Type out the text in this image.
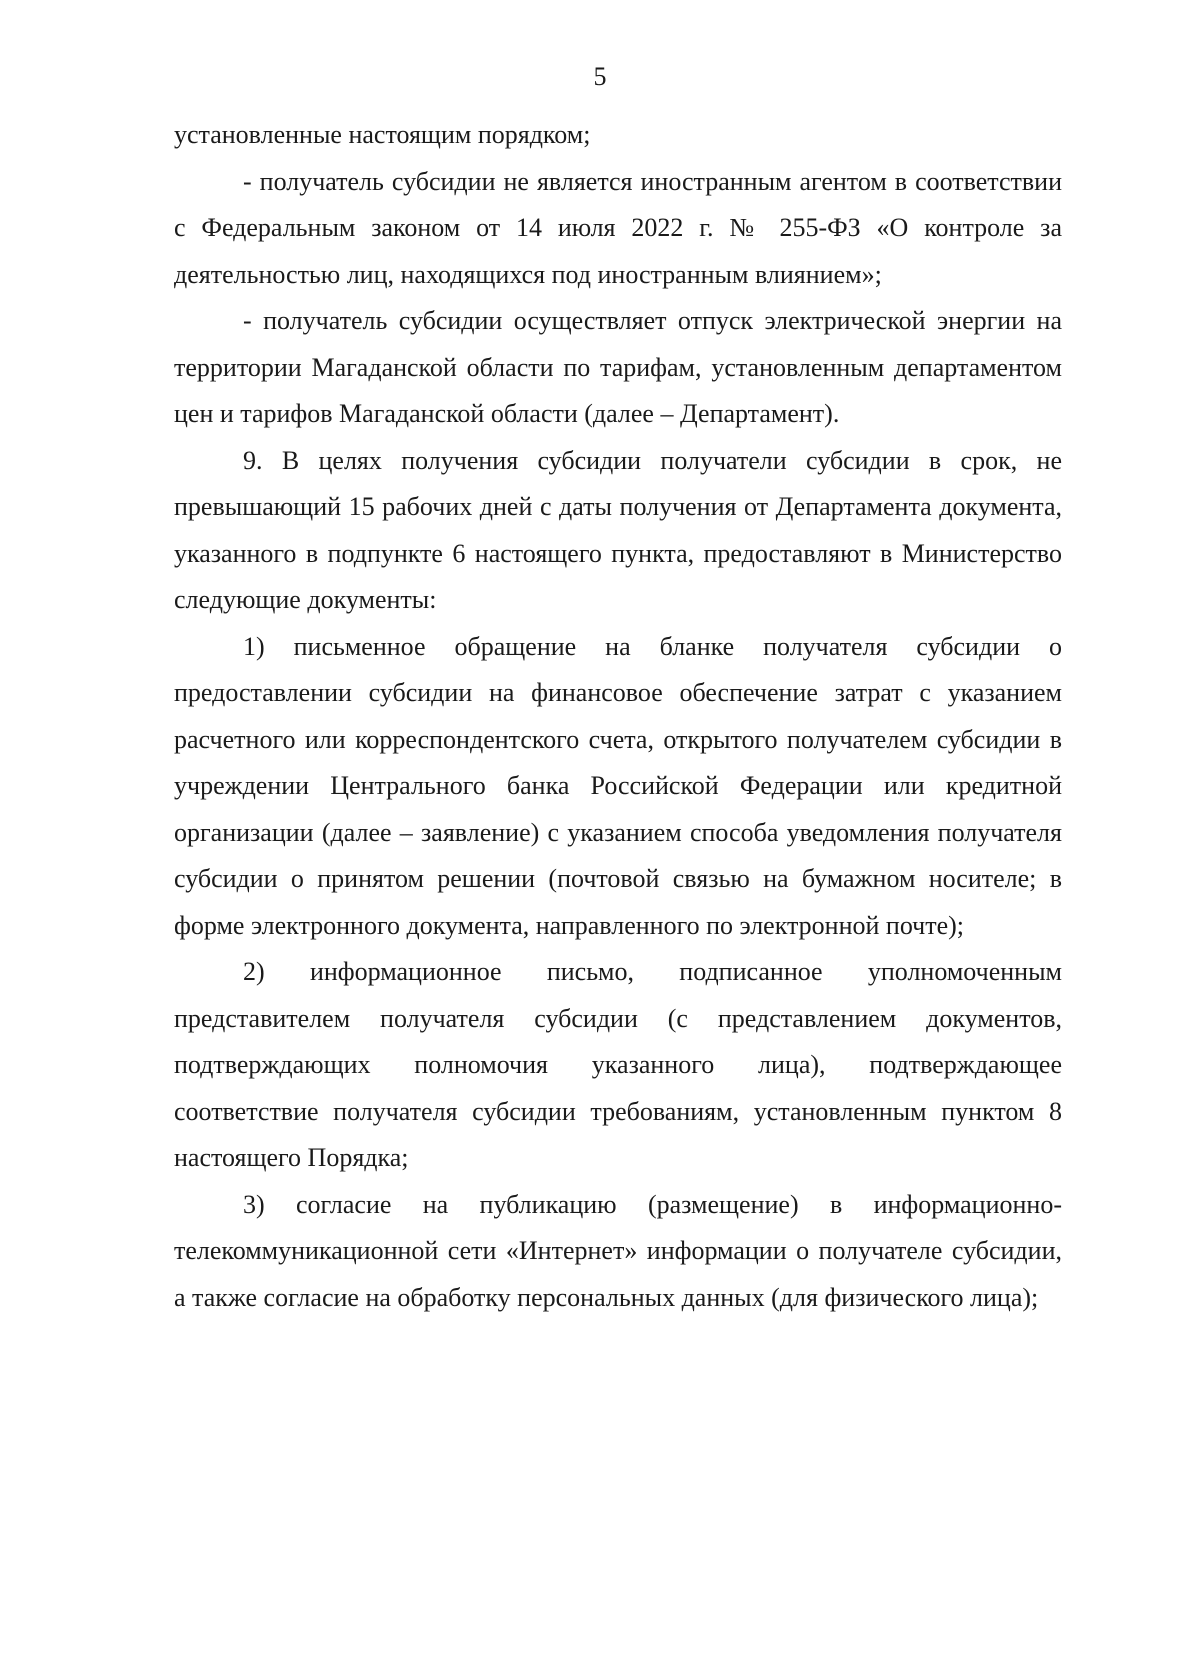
5

установленные настоящим порядком;

- получатель субсидии не является иностранным агентом в соответствии с Федеральным законом от 14 июля 2022 г. № 255-ФЗ «О контроле за деятельностью лиц, находящихся под иностранным влиянием»;

- получатель субсидии осуществляет отпуск электрической энергии на территории Магаданской области по тарифам, установленным департаментом цен и тарифов Магаданской области (далее – Департамент).

9. В целях получения субсидии получатели субсидии в срок, не превышающий 15 рабочих дней с даты получения от Департамента документа, указанного в подпункте 6 настоящего пункта, предоставляют в Министерство следующие документы:

1) письменное обращение на бланке получателя субсидии о предоставлении субсидии на финансовое обеспечение затрат с указанием расчетного или корреспондентского счета, открытого получателем субсидии в учреждении Центрального банка Российской Федерации или кредитной организации (далее – заявление) с указанием способа уведомления получателя субсидии о принятом решении (почтовой связью на бумажном носителе; в форме электронного документа, направленного по электронной почте);

2) информационное письмо, подписанное уполномоченным представителем получателя субсидии (с представлением документов, подтверждающих полномочия указанного лица), подтверждающее соответствие получателя субсидии требованиям, установленным пунктом 8 настоящего Порядка;

3) согласие на публикацию (размещение) в информационно-телекоммуникационной сети «Интернет» информации о получателе субсидии, а также согласие на обработку персональных данных (для физического лица);
